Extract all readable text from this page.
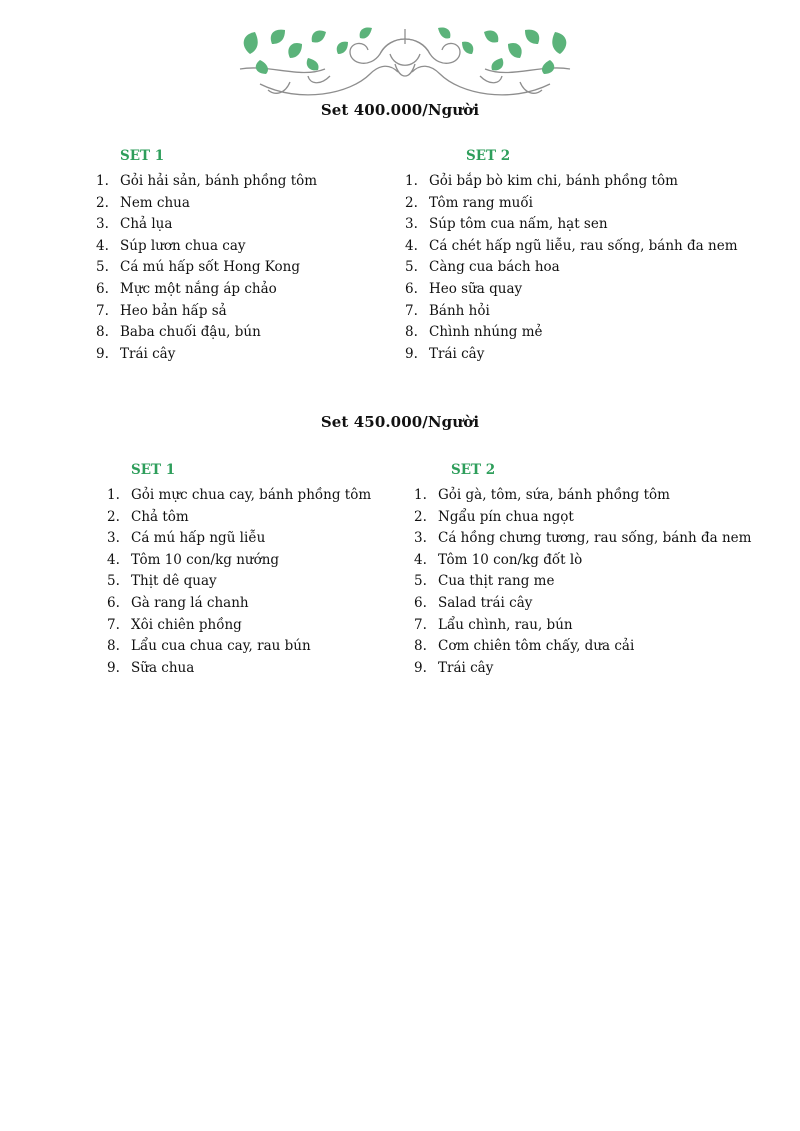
Set 400.000/Người
SET 1
1. Gỏi hải sản, bánh phồng tôm
2. Nem chua
3. Chả lụa
4. Súp lươn chua cay
5. Cá mú hấp sốt Hong Kong
6. Mực một nắng áp chảo
7. Heo bản hấp sả
8. Baba chuối đậu, bún
9. Trái cây
SET 2
1. Gỏi bắp bò kim chi, bánh phồng tôm
2. Tôm rang muối
3. Súp tôm cua nấm, hạt sen
4. Cá chét hấp ngũ liễu, rau sống, bánh đa nem
5. Càng cua bách hoa
6. Heo sữa quay
7. Bánh hỏi
8. Chình nhúng mẻ
9. Trái cây
Set 450.000/Người
SET 1
1. Gỏi mực chua cay, bánh phồng tôm
2. Chả tôm
3. Cá mú hấp ngũ liễu
4. Tôm 10 con/kg nướng
5. Thịt dê quay
6. Gà rang lá chanh
7. Xôi chiên phồng
8. Lẩu cua chua cay, rau bún
9. Sữa chua
SET 2
1. Gỏi gà, tôm, sứa, bánh phồng tôm
2. Ngẩu pín chua ngọt
3. Cá hồng chưng tương, rau sống, bánh đa nem
4. Tôm 10 con/kg đốt lò
5. Cua thịt rang me
6. Salad trái cây
7. Lẩu chình, rau, bún
8. Cơm chiên tôm chấy, dưa cải
9. Trái cây
